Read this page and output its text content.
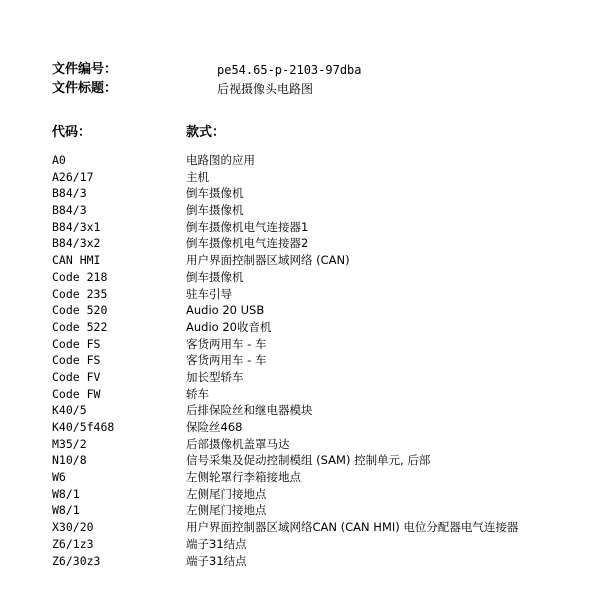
文件编号：	pe54.65-p-2103-97dba
文件标题：	后视摄像头电路图
代码：	款式：
A0	电路图的应用
A26/17	主机
B84/3	倒车摄像机
B84/3	倒车摄像机
B84/3x1	倒车摄像机电气连接器1
B84/3x2	倒车摄像机电气连接器2
CAN HMI	用户界面控制器区域网络 (CAN)
Code 218	倒车摄像机
Code 235	驻车引导
Code 520	Audio 20 USB
Code 522	Audio 20收音机
Code FS	客货两用车 - 车
Code FS	客货两用车 - 车
Code FV	加长型轿车
Code FW	轿车
K40/5	后排保险丝和继电器模块
K40/5f468	保险丝468
M35/2	后部摄像机盖罩马达
N10/8	信号采集及促动控制模组 (SAM) 控制单元, 后部
W6	左侧轮罩行李箱接地点
W8/1	左侧尾门接地点
W8/1	左侧尾门接地点
X30/20	用户界面控制器区域网络CAN (CAN HMI) 电位分配器电气连接器
Z6/1z3	端子31结点
Z6/30z3	端子31结点
